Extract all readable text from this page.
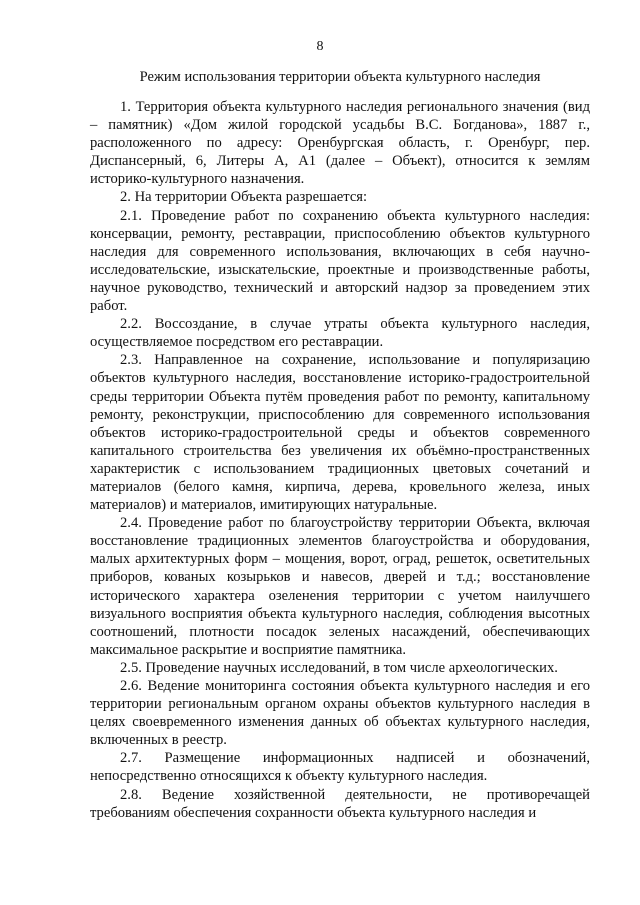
8
Режим использования территории объекта культурного наследия

1. Территория объекта культурного наследия регионального значения (вид – памятник) «Дом жилой городской усадьбы В.С. Богданова», 1887 г., расположенного по адресу: Оренбургская область, г. Оренбург, пер. Диспансерный, 6, Литеры А, А1 (далее – Объект), относится к землям историко-культурного назначения.

2. На территории Объекта разрешается:

2.1. Проведение работ по сохранению объекта культурного наследия: консервации, ремонту, реставрации, приспособлению объектов культурного наследия для современного использования, включающих в себя научно-исследовательские, изыскательские, проектные и производственные работы, научное руководство, технический и авторский надзор за проведением этих работ.

2.2. Воссоздание, в случае утраты объекта культурного наследия, осуществляемое посредством его реставрации.

2.3. Направленное на сохранение, использование и популяризацию объектов культурного наследия, восстановление историко-градостроительной среды территории Объекта путём проведения работ по ремонту, капитальному ремонту, реконструкции, приспособлению для современного использования объектов историко-градостроительной среды и объектов современного капитального строительства без увеличения их объёмно-пространственных характеристик с использованием традиционных цветовых сочетаний и материалов (белого камня, кирпича, дерева, кровельного железа, иных материалов) и материалов, имитирующих натуральные.

2.4. Проведение работ по благоустройству территории Объекта, включая восстановление традиционных элементов благоустройства и оборудования, малых архитектурных форм – мощения, ворот, оград, решеток, осветительных приборов, кованых козырьков и навесов, дверей и т.д.; восстановление исторического характера озеленения территории с учетом наилучшего визуального восприятия объекта культурного наследия, соблюдения высотных соотношений, плотности посадок зеленых насаждений, обеспечивающих максимальное раскрытие и восприятие памятника.

2.5. Проведение научных исследований, в том числе археологических.

2.6. Ведение мониторинга состояния объекта культурного наследия и его территории региональным органом охраны объектов культурного наследия в целях своевременного изменения данных об объектах культурного наследия, включенных в реестр.

2.7. Размещение информационных надписей и обозначений, непосредственно относящихся к объекту культурного наследия.

2.8. Ведение хозяйственной деятельности, не противоречащей требованиям обеспечения сохранности объекта культурного наследия и
